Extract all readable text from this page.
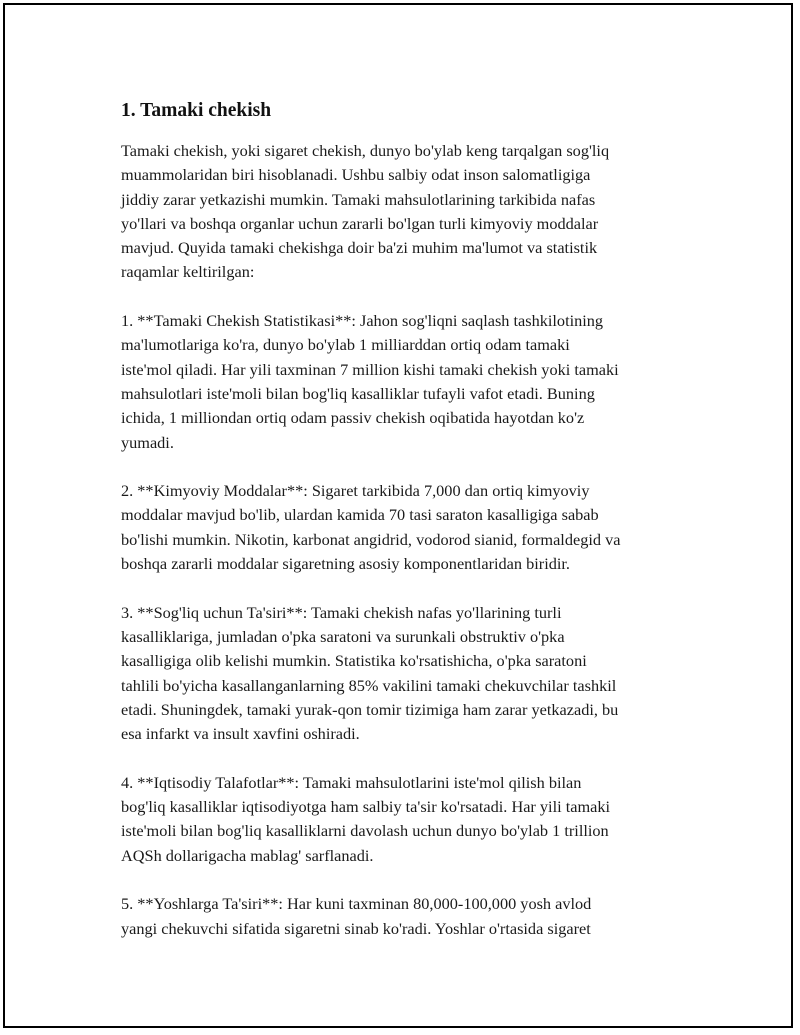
1. Tamaki chekish
Tamaki chekish, yoki sigaret chekish, dunyo bo'ylab keng tarqalgan sog'liq
muammolaridan biri hisoblanadi. Ushbu salbiy odat inson salomatligiga
jiddiy zarar yetkazishi mumkin. Tamaki mahsulotlarining tarkibida nafas
yo'llari va boshqa organlar uchun zararli bo'lgan turli kimyoviy moddalar
mavjud. Quyida tamaki chekishga doir ba'zi muhim ma'lumot va statistik
raqamlar keltirilgan:
1. **Tamaki Chekish Statistikasi**: Jahon sog'liqni saqlash tashkilotining
ma'lumotlariga ko'ra, dunyo bo'ylab 1 milliarddan ortiq odam tamaki
iste'mol qiladi. Har yili taxminan 7 million kishi tamaki chekish yoki tamaki
mahsulotlari iste'moli bilan bog'liq kasalliklar tufayli vafot etadi. Buning
ichida, 1 milliondan ortiq odam passiv chekish oqibatida hayotdan ko'z
yumadi.
2. **Kimyoviy Moddalar**: Sigaret tarkibida 7,000 dan ortiq kimyoviy
moddalar mavjud bo'lib, ulardan kamida 70 tasi saraton kasalligiga sabab
bo'lishi mumkin. Nikotin, karbonat angidrid, vodorod sianid, formaldegid va
boshqa zararli moddalar sigaretning asosiy komponentlaridan biridir.
3. **Sog'liq uchun Ta'siri**: Tamaki chekish nafas yo'llarining turli
kasalliklariga, jumladan o'pka saratoni va surunkali obstruktiv o'pka
kasalligiga olib kelishi mumkin. Statistika ko'rsatishicha, o'pka saratoni
tahlili bo'yicha kasallanganlarning 85% vakilini tamaki chekuvchilar tashkil
etadi. Shuningdek, tamaki yurak-qon tomir tizimiga ham zarar yetkazadi, bu
esa infarkt va insult xavfini oshiradi.
4. **Iqtisodiy Talafotlar**: Tamaki mahsulotlarini iste'mol qilish bilan
bog'liq kasalliklar iqtisodiyotga ham salbiy ta'sir ko'rsatadi. Har yili tamaki
iste'moli bilan bog'liq kasalliklarni davolash uchun dunyo bo'ylab 1 trillion
AQSh dollarigacha mablag' sarflanadi.
5. **Yoshlarga Ta'siri**: Har kuni taxminan 80,000-100,000 yosh avlod
yangi chekuvchi sifatida sigaretni sinab ko'radi. Yoshlar o'rtasida sigaret
